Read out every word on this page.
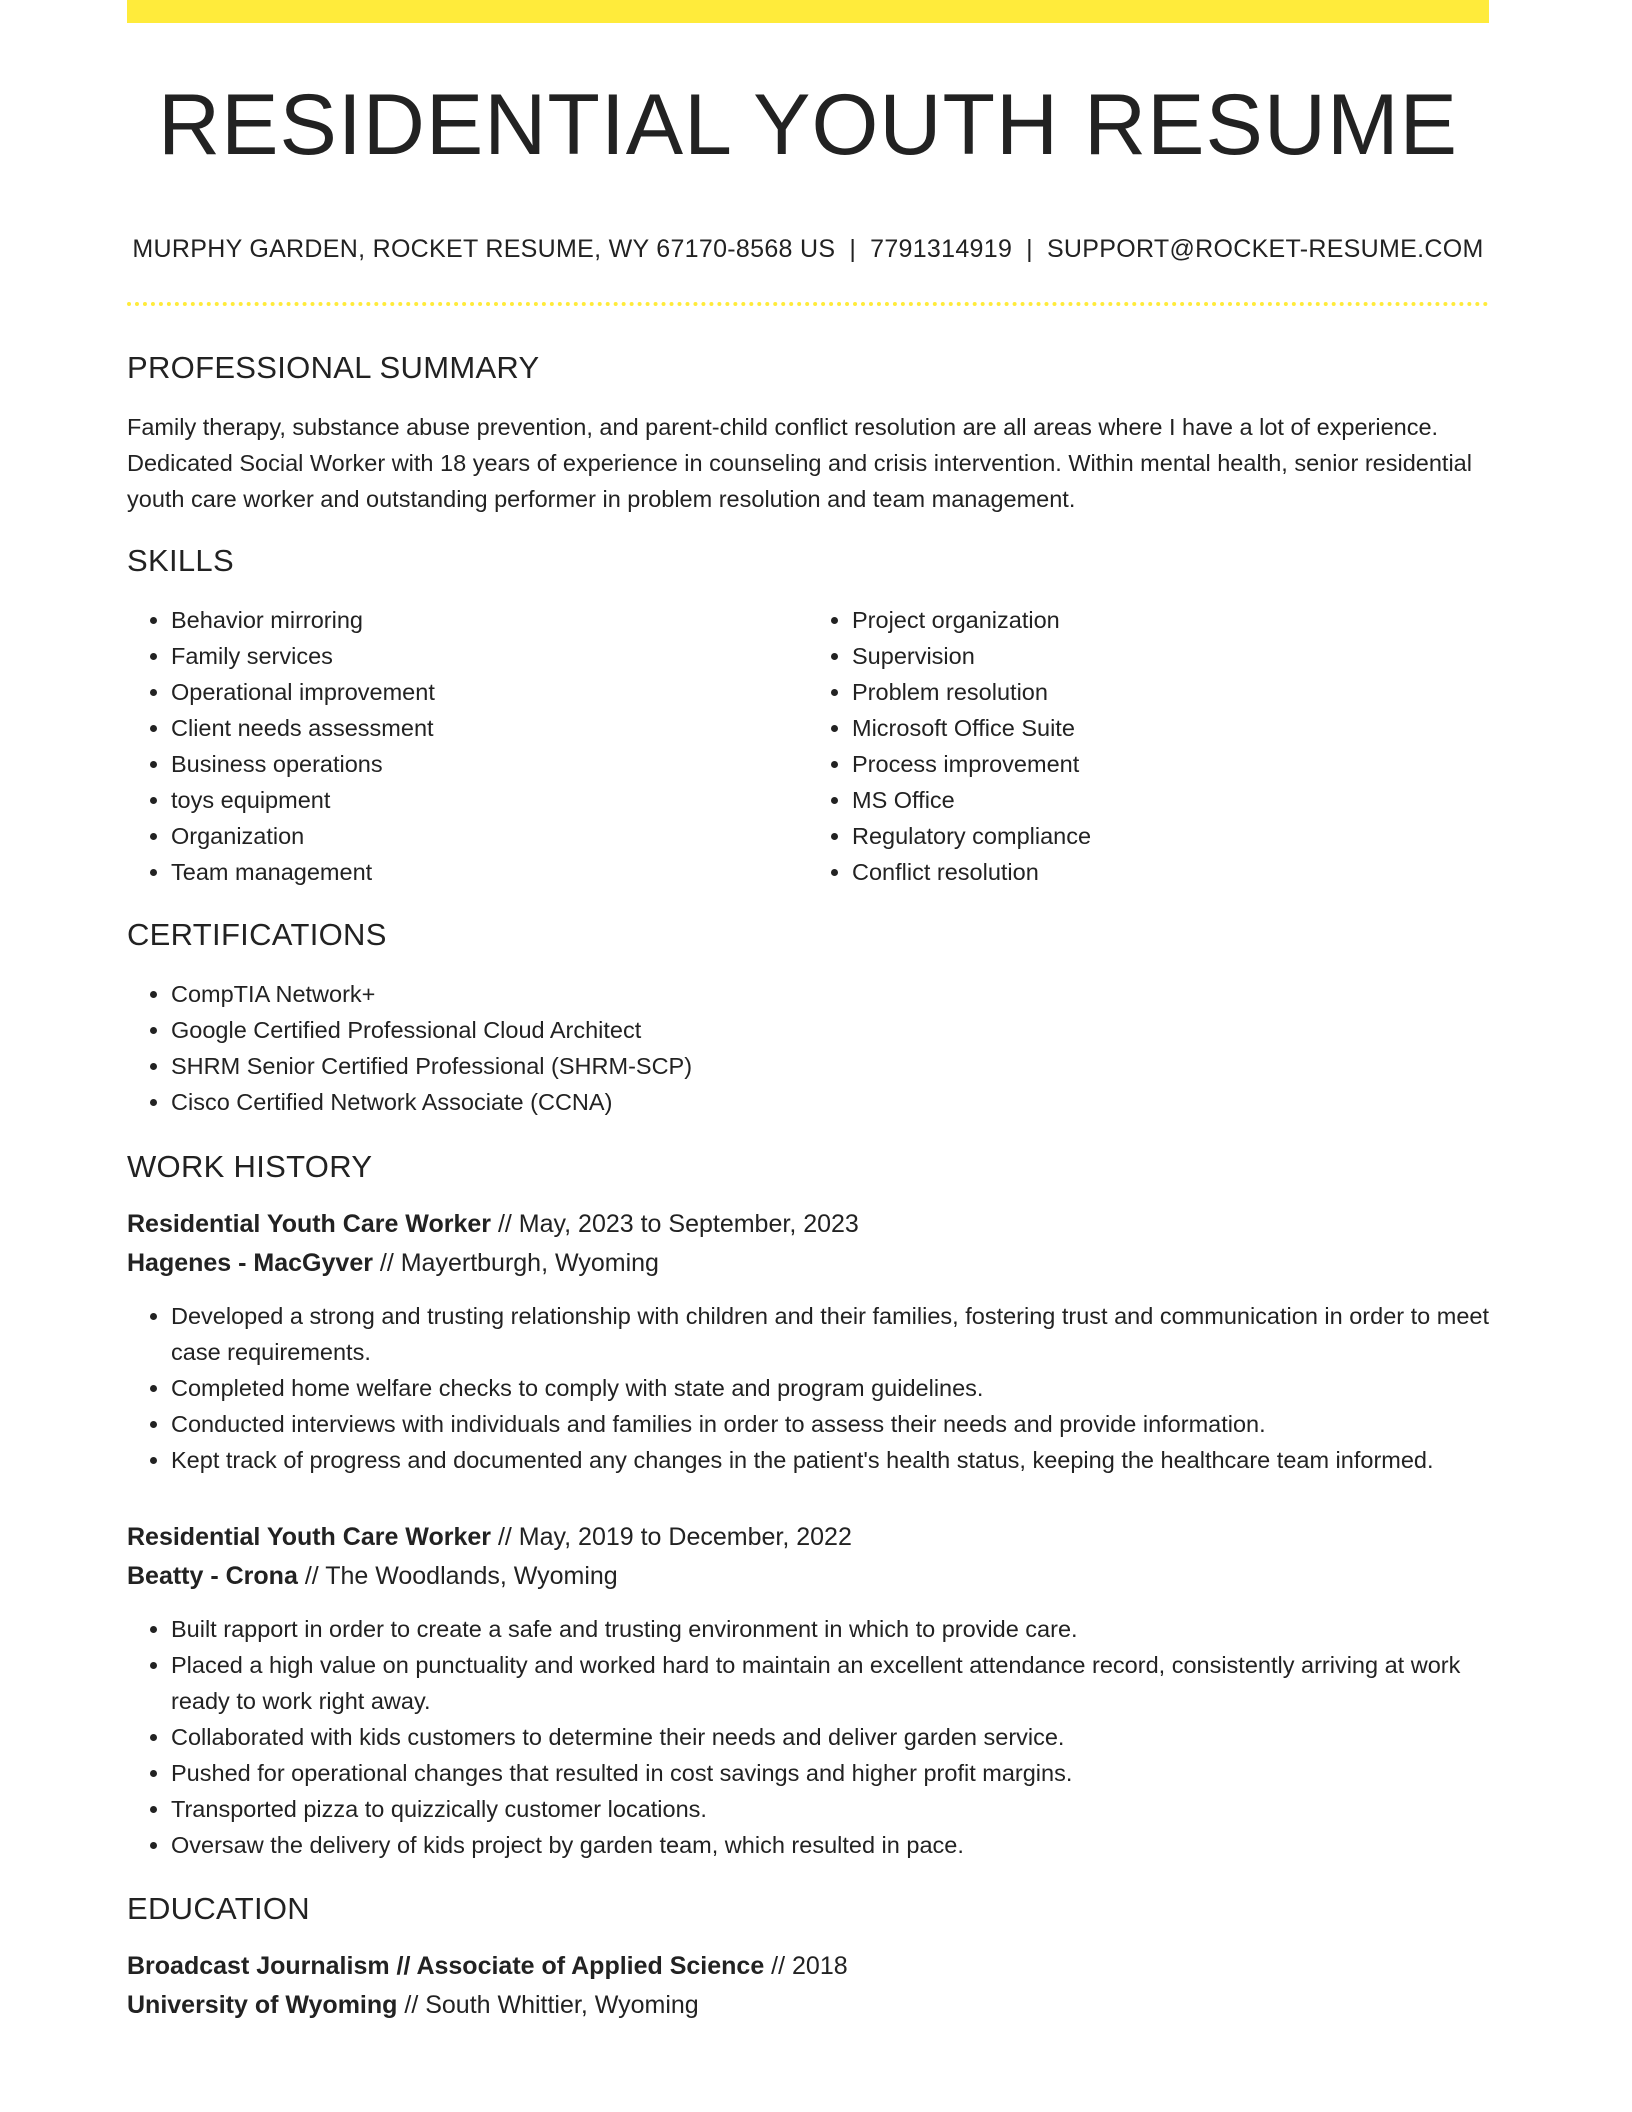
RESIDENTIAL YOUTH RESUME
MURPHY GARDEN, ROCKET RESUME, WY 67170-8568 US | 7791314919 | SUPPORT@ROCKET-RESUME.COM
PROFESSIONAL SUMMARY
Family therapy, substance abuse prevention, and parent-child conflict resolution are all areas where I have a lot of experience. Dedicated Social Worker with 18 years of experience in counseling and crisis intervention. Within mental health, senior residential youth care worker and outstanding performer in problem resolution and team management.
SKILLS
• Behavior mirroring
• Family services
• Operational improvement
• Client needs assessment
• Business operations
• toys equipment
• Organization
• Team management
• Project organization
• Supervision
• Problem resolution
• Microsoft Office Suite
• Process improvement
• MS Office
• Regulatory compliance
• Conflict resolution
CERTIFICATIONS
• CompTIA Network+
• Google Certified Professional Cloud Architect
• SHRM Senior Certified Professional (SHRM-SCP)
• Cisco Certified Network Associate (CCNA)
WORK HISTORY
Residential Youth Care Worker // May, 2023 to September, 2023
Hagenes - MacGyver // Mayertburgh, Wyoming
• Developed a strong and trusting relationship with children and their families, fostering trust and communication in order to meet case requirements.
• Completed home welfare checks to comply with state and program guidelines.
• Conducted interviews with individuals and families in order to assess their needs and provide information.
• Kept track of progress and documented any changes in the patient's health status, keeping the healthcare team informed.
Residential Youth Care Worker // May, 2019 to December, 2022
Beatty - Crona // The Woodlands, Wyoming
• Built rapport in order to create a safe and trusting environment in which to provide care.
• Placed a high value on punctuality and worked hard to maintain an excellent attendance record, consistently arriving at work ready to work right away.
• Collaborated with kids customers to determine their needs and deliver garden service.
• Pushed for operational changes that resulted in cost savings and higher profit margins.
• Transported pizza to quizzically customer locations.
• Oversaw the delivery of kids project by garden team, which resulted in pace.
EDUCATION
Broadcast Journalism // Associate of Applied Science // 2018
University of Wyoming // South Whittier, Wyoming
